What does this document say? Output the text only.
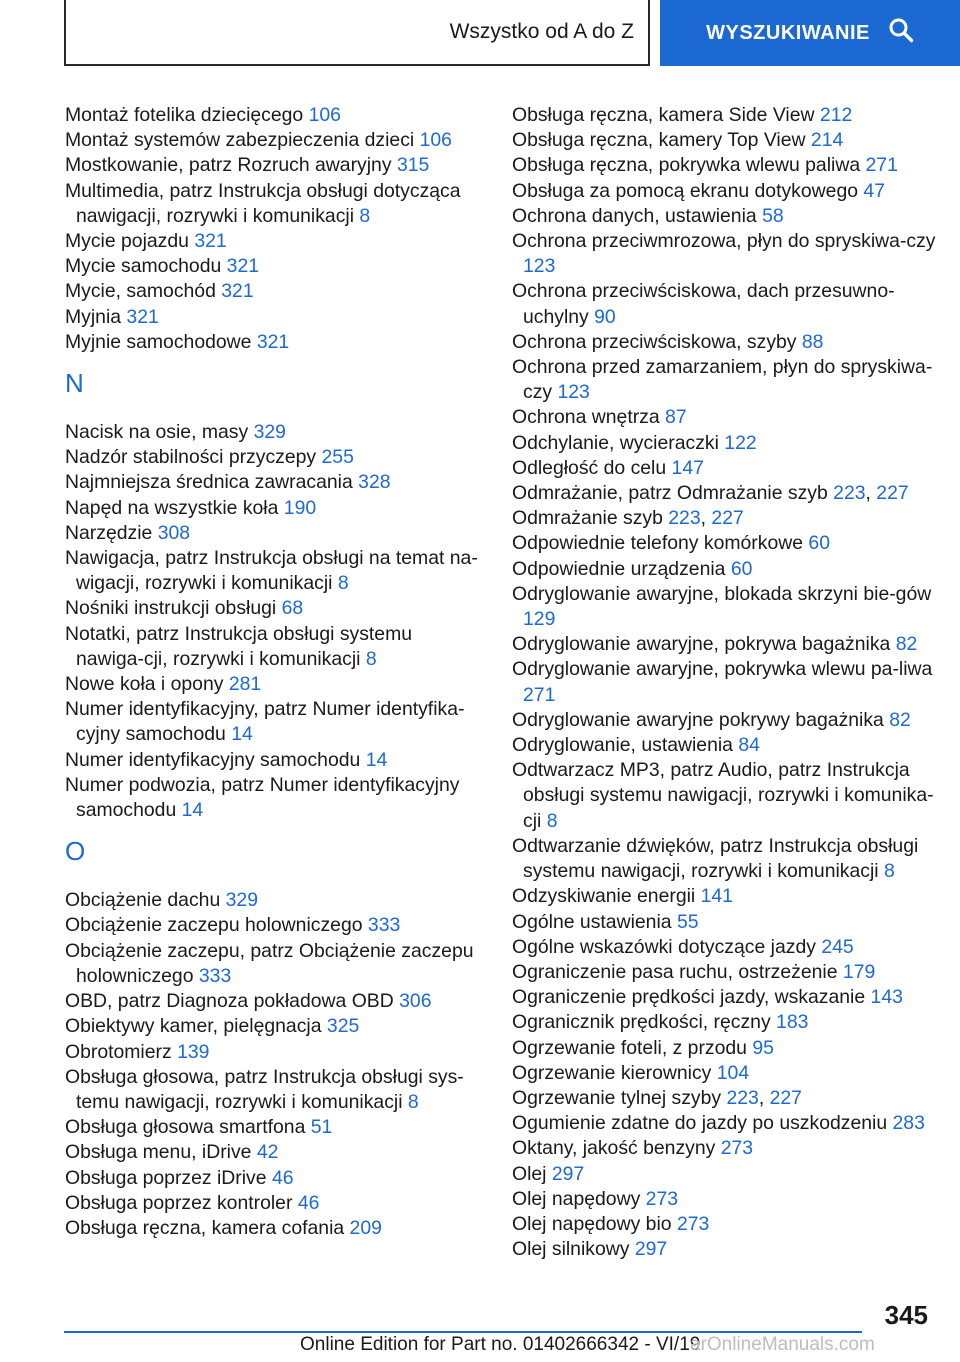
Wszystko od A do Z	WYSZUKIWANIE
Montaż fotelika dziecięcego 106
Montaż systemów zabezpieczenia dzieci 106
Mostkowanie, patrz Rozruch awaryjny 315
Multimedia, patrz Instrukcja obsługi dotycząca nawigacji, rozrywki i komunikacji 8
Mycie pojazdu 321
Mycie samochodu 321
Mycie, samochód 321
Myjnia 321
Myjnie samochodowe 321
N
Nacisk na osie, masy 329
Nadzór stabilności przyczepy 255
Najmniejsza średnica zawracania 328
Napęd na wszystkie koła 190
Narzędzie 308
Nawigacja, patrz Instrukcja obsługi na temat na-wigacji, rozrywki i komunikacji 8
Nośniki instrukcji obsługi 68
Notatki, patrz Instrukcja obsługi systemu nawiga-cji, rozrywki i komunikacji 8
Nowe koła i opony 281
Numer identyfikacyjny, patrz Numer identyfika-cyjny samochodu 14
Numer identyfikacyjny samochodu 14
Numer podwozia, patrz Numer identyfikacyjny samochodu 14
O
Obciążenie dachu 329
Obciążenie zaczepu holowniczego 333
Obciążenie zaczepu, patrz Obciążenie zaczepu holowniczego 333
OBD, patrz Diagnoza pokładowa OBD 306
Obiektywy kamer, pielęgnacja 325
Obrotomierz 139
Obsługa głosowa, patrz Instrukcja obsługi sys-temu nawigacji, rozrywki i komunikacji 8
Obsługa głosowa smartfona 51
Obsługa menu, iDrive 42
Obsługa poprzez iDrive 46
Obsługa poprzez kontroler 46
Obsługa ręczna, kamera cofania 209
Obsługa ręczna, kamera Side View 212
Obsługa ręczna, kamery Top View 214
Obsługa ręczna, pokrywka wlewu paliwa 271
Obsługa za pomocą ekranu dotykowego 47
Ochrona danych, ustawienia 58
Ochrona przeciwmrozowa, płyn do spryskiwa-czy 123
Ochrona przeciwściskowa, dach przesuwno-uchylny 90
Ochrona przeciwściskowa, szyby 88
Ochrona przed zamarzaniem, płyn do spryskiwa-czy 123
Ochrona wnętrza 87
Odchylanie, wycieraczki 122
Odległość do celu 147
Odmrażanie, patrz Odmrażanie szyb 223, 227
Odmrażanie szyb 223, 227
Odpowiednie telefony komórkowe 60
Odpowiednie urządzenia 60
Odryglowanie awaryjne, blokada skrzyni bie-gów 129
Odryglowanie awaryjne, pokrywa bagażnika 82
Odryglowanie awaryjne, pokrywka wlewu pa-liwa 271
Odryglowanie awaryjne pokrywy bagażnika 82
Odryglowanie, ustawienia 84
Odtwarzacz MP3, patrz Audio, patrz Instrukcja obsługi systemu nawigacji, rozrywki i komunika-cji 8
Odtwarzanie dźwięków, patrz Instrukcja obsługi systemu nawigacji, rozrywki i komunikacji 8
Odzyskiwanie energii 141
Ogólne ustawienia 55
Ogólne wskazówki dotyczące jazdy 245
Ograniczenie pasa ruchu, ostrzeżenie 179
Ograniczenie prędkości jazdy, wskazanie 143
Ogranicznik prędkości, ręczny 183
Ogrzewanie foteli, z przodu 95
Ogrzewanie kierownicy 104
Ogrzewanie tylnej szyby 223, 227
Ogumienie zdatne do jazdy po uszkodzeniu 283
Oktany, jakość benzyny 273
Olej 297
Olej napędowy 273
Olej napędowy bio 273
Olej silnikowy 297
345
Online Edition for Part no. 01402666342 - VI/19
arOnlineManuals.com
